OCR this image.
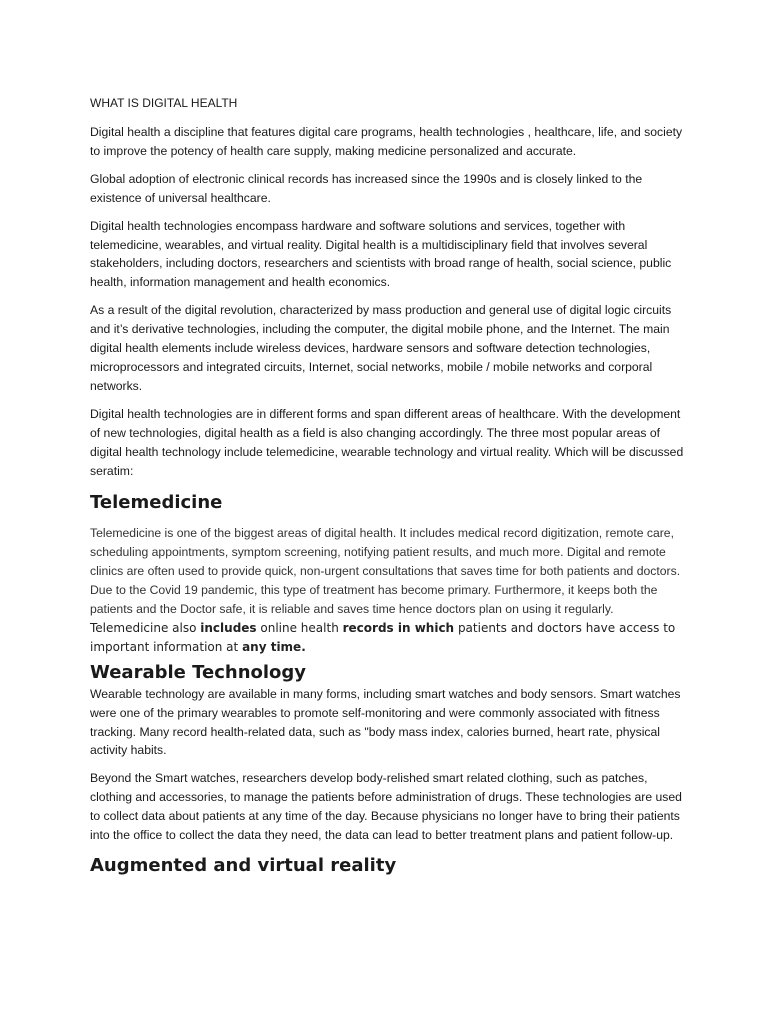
WHAT IS DIGITAL HEALTH

Digital health a discipline that features digital care programs, health technologies , healthcare, life, and society to improve the potency of health care supply, making medicine personalized and accurate.

Global adoption of electronic clinical records has increased since the 1990s and is closely linked to the existence of universal healthcare.

Digital health technologies encompass hardware and software solutions and services, together with telemedicine, wearables, and virtual reality. Digital health is a multidisciplinary field that involves several stakeholders, including doctors, researchers and scientists with broad range of health, social science, public health, information management and health economics.

As a result of the digital revolution, characterized by mass production and general use of digital logic circuits and it’s derivative technologies, including the computer, the digital mobile phone, and the Internet. The main digital health elements include wireless devices, hardware sensors and software detection technologies, microprocessors and integrated circuits, Internet, social networks, mobile / mobile networks and corporal networks.

Digital health technologies are in different forms and span different areas of healthcare. With the development of new technologies, digital health as a field is also changing accordingly. The three most popular areas of digital health technology include telemedicine, wearable technology and virtual reality. Which will be discussed seratim:

Telemedicine

Telemedicine is one of the biggest areas of digital health. It includes medical record digitization, remote care, scheduling appointments, symptom screening, notifying patient results, and much more. Digital and remote clinics are often used to provide quick, non-urgent consultations that saves time for both patients and doctors. Due to the Covid 19 pandemic, this type of treatment has become primary. Furthermore, it keeps both the patients and the Doctor safe, it is reliable and saves time hence doctors plan on using it regularly. Telemedicine also includes online health records in which patients and doctors have access to important information at any time.

Wearable Technology

Wearable technology are available in many forms, including smart watches and body sensors. Smart watches were one of the primary wearables to promote self-monitoring and were commonly associated with fitness tracking. Many record health-related data, such as "body mass index, calories burned, heart rate, physical activity habits.

Beyond the Smart watches, researchers develop body-relished smart related clothing, such as patches, clothing and accessories, to manage the patients before administration of drugs. These technologies are used to collect data about patients at any time of the day. Because physicians no longer have to bring their patients into the office to collect the data they need, the data can lead to better treatment plans and patient follow-up.

Augmented and virtual reality
